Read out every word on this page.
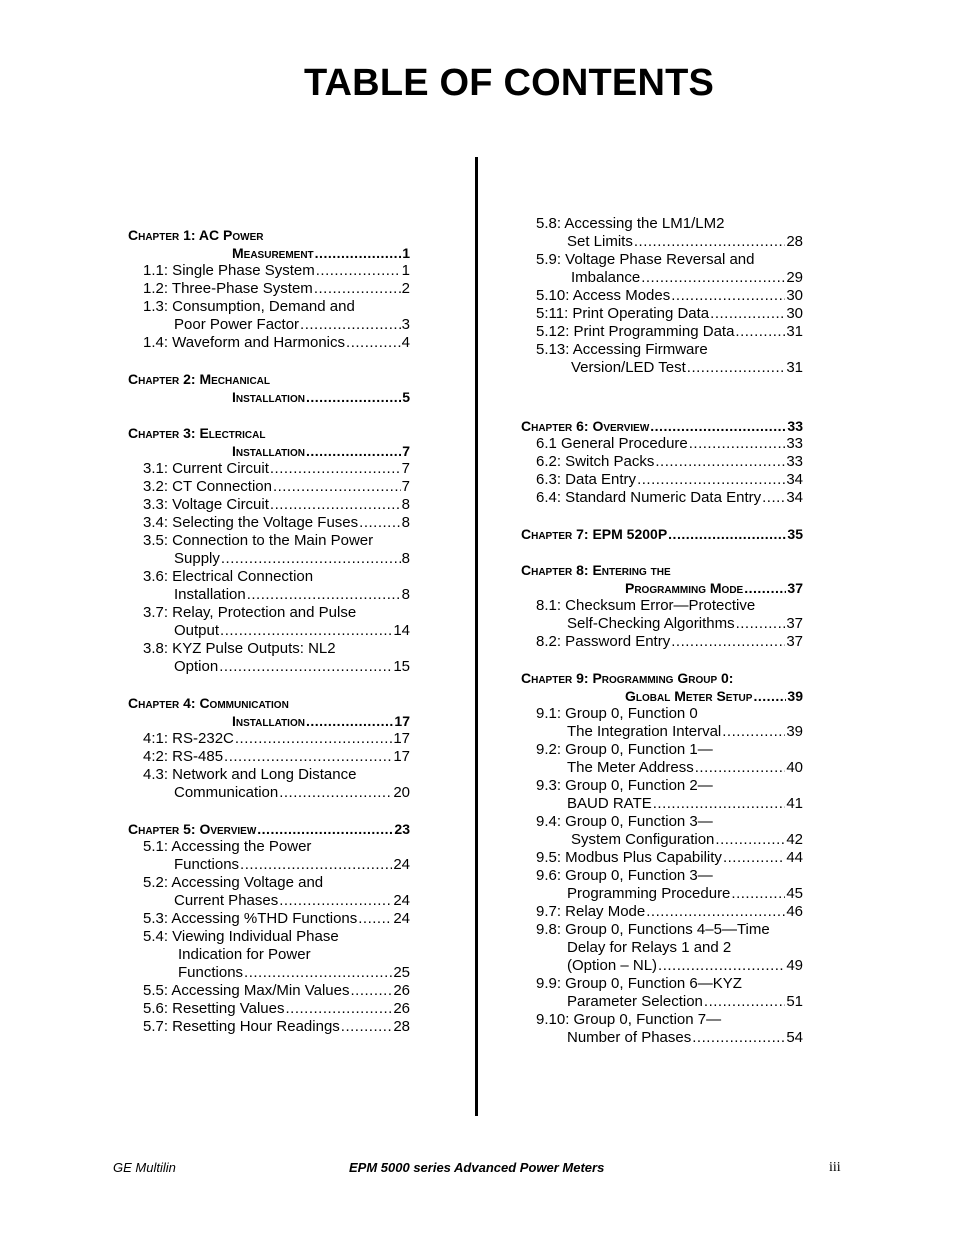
TABLE OF CONTENTS
Chapter 1: AC Power
Measurement .....	1
1.1: Single Phase System .....	1
1.2: Three-Phase System .....	2
1.3: Consumption, Demand and
Poor Power Factor .....	3
1.4: Waveform and Harmonics .....	4
Chapter 2: Mechanical
Installation .....	5
Chapter 3: Electrical
Installation .....	7
3.1: Current Circuit .....	7
3.2: CT Connection .....	7
3.3: Voltage Circuit .....	8
3.4: Selecting the Voltage Fuses .....	8
3.5: Connection to the Main Power
Supply .....	8
3.6: Electrical Connection
Installation .....	8
3.7: Relay, Protection and Pulse
Output .....	14
3.8: KYZ Pulse Outputs: NL2
Option .....	15
Chapter 4: Communication
Installation .....	17
4:1: RS-232C .....	17
4:2: RS-485 .....	17
4.3: Network and Long Distance
Communication .....	20
Chapter 5: Overview .....	23
5.1: Accessing the Power
Functions .....	24
5.2: Accessing Voltage and
Current Phases .....	24
5.3: Accessing %THD Functions ..... 24
5.4: Viewing Individual Phase
Indication for Power
Functions .....	25
5.5: Accessing Max/Min Values .....	26
5.6: Resetting Values .....	26
5.7: Resetting Hour Readings .....	28
5.8: Accessing the LM1/LM2
Set Limits .....	28
5.9: Voltage Phase Reversal and
Imbalance .....	29
5.10: Access Modes .....	30
5:11: Print Operating Data .....	30
5.12: Print Programming Data .....	31
5.13: Accessing Firmware
Version/LED Test .....	31
Chapter 6: Overview .....	33
6.1 General Procedure .....	33
6.2: Switch Packs .....	33
6.3: Data Entry .....	34
6.4: Standard Numeric Data Entry ..... 34
Chapter 7: EPM 5200P .....	35
Chapter 8: Entering the
Programming Mode .....	37
8.1: Checksum Error—Protective
Self-Checking Algorithms .....	37
8.2: Password Entry .....	37
Chapter 9: Programming Group 0:
Global Meter Setup ..... 39
9.1: Group 0, Function 0
The Integration Interval .....	39
9.2: Group 0, Function 1—
The Meter Address .....	40
9.3: Group 0, Function 2—
BAUD RATE .....	41
9.4: Group 0, Function 3—
System Configuration .....	42
9.5: Modbus Plus Capability .....	44
9.6: Group 0, Function 3—
Programming Procedure .....	45
9.7: Relay Mode .....	46
9.8: Group 0, Functions 4–5—Time
Delay for Relays 1 and 2
(Option – NL) .....	49
9.9: Group 0, Function 6—KYZ
Parameter Selection .....	51
9.10: Group 0, Function 7—
Number of Phases .....	54
GE Multilin	EPM 5000 series Advanced Power Meters	iii
